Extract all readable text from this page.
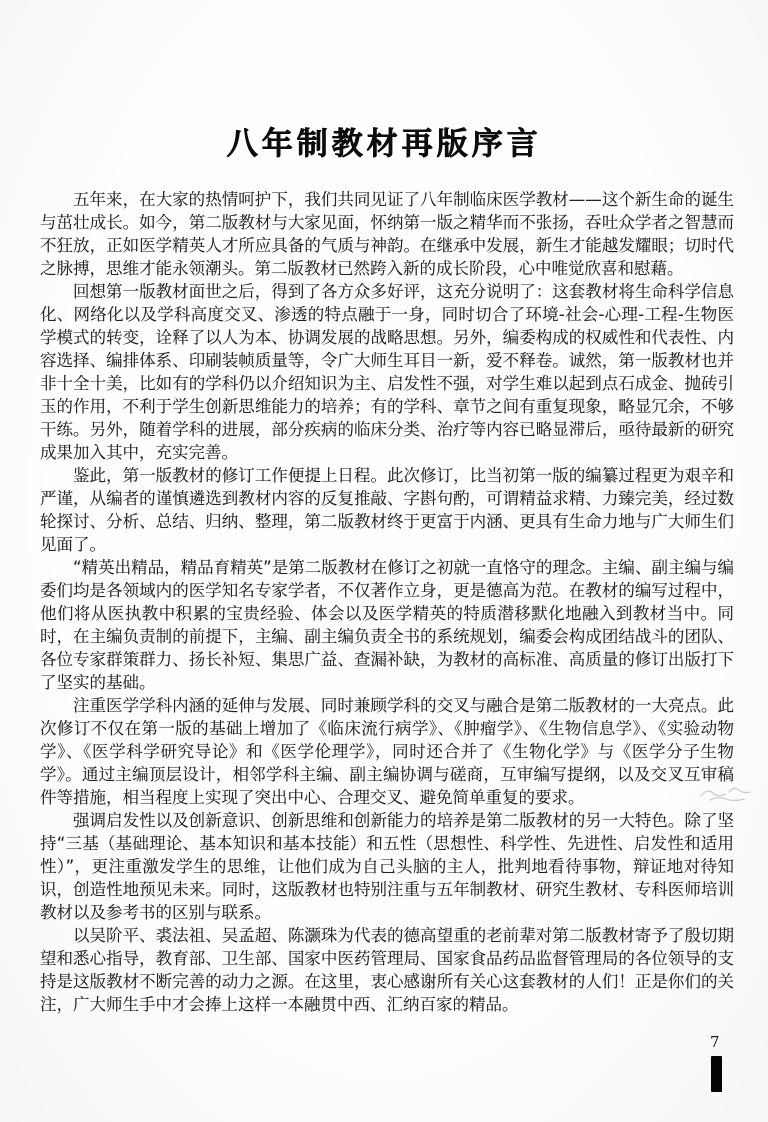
八年制教材再版序言

五年来，在大家的热情呵护下，我们共同见证了八年制临床医学教材——这个新生命的诞生与茁壮成长。如今，第二版教材与大家见面，怀纳第一版之精华而不张扬，吞吐众学者之智慧而不狂放，正如医学精英人才所应具备的气质与神韵。在继承中发展，新生才能越发耀眼；切时代之脉搏，思维才能永领潮头。第二版教材已然跨入新的成长阶段，心中唯觉欣喜和慰藉。

回想第一版教材面世之后，得到了各方众多好评，这充分说明了：这套教材将生命科学信息化、网络化以及学科高度交叉、渗透的特点融于一身，同时切合了环境-社会-心理-工程-生物医学模式的转变，诠释了以人为本、协调发展的战略思想。另外，编委构成的权威性和代表性、内容选择、编排体系、印刷装帧质量等，令广大师生耳目一新，爱不释卷。诚然，第一版教材也并非十全十美，比如有的学科仍以介绍知识为主、启发性不强，对学生难以起到点石成金、抛砖引玉的作用，不利于学生创新思维能力的培养；有的学科、章节之间有重复现象，略显冗余，不够干练。另外，随着学科的进展，部分疾病的临床分类、治疗等内容已略显滞后，亟待最新的研究成果加入其中，充实完善。

鉴此，第一版教材的修订工作便提上日程。此次修订，比当初第一版的编纂过程更为艰辛和严谨，从编者的谨慎遴选到教材内容的反复推敲、字斟句酌，可谓精益求精、力臻完美，经过数轮探讨、分析、总结、归纳、整理，第二版教材终于更富于内涵、更具有生命力地与广大师生们见面了。

“精英出精品，精品育精英”是第二版教材在修订之初就一直恪守的理念。主编、副主编与编委们均是各领域内的医学知名专家学者，不仅著作立身，更是德高为范。在教材的编写过程中，他们将从医执教中积累的宝贵经验、体会以及医学精英的特质潜移默化地融入到教材当中。同时，在主编负责制的前提下，主编、副主编负责全书的系统规划，编委会构成团结战斗的团队、各位专家群策群力、扬长补短、集思广益、查漏补缺，为教材的高标准、高质量的修订出版打下了坚实的基础。

注重医学学科内涵的延伸与发展、同时兼顾学科的交叉与融合是第二版教材的一大亮点。此次修订不仅在第一版的基础上增加了《临床流行病学》、《肿瘤学》、《生物信息学》、《实验动物学》、《医学科学研究导论》和《医学伦理学》，同时还合并了《生物化学》与《医学分子生物学》。通过主编顶层设计，相邻学科主编、副主编协调与磋商，互审编写提纲，以及交叉互审稿件等措施，相当程度上实现了突出中心、合理交叉、避免简单重复的要求。

强调启发性以及创新意识、创新思维和创新能力的培养是第二版教材的另一大特色。除了坚持“三基（基础理论、基本知识和基本技能）和五性（思想性、科学性、先进性、启发性和适用性）”，更注重激发学生的思维，让他们成为自己头脑的主人，批判地看待事物，辩证地对待知识，创造性地预见未来。同时，这版教材也特别注重与五年制教材、研究生教材、专科医师培训教材以及参考书的区别与联系。

以吴阶平、裘法祖、吴孟超、陈灏珠为代表的德高望重的老前辈对第二版教材寄予了殷切期望和悉心指导，教育部、卫生部、国家中医药管理局、国家食品药品监督管理局的各位领导的支持是这版教材不断完善的动力之源。在这里，衷心感谢所有关心这套教材的人们！正是你们的关注，广大师生手中才会捧上这样一本融贯中西、汇纳百家的精品。

7
